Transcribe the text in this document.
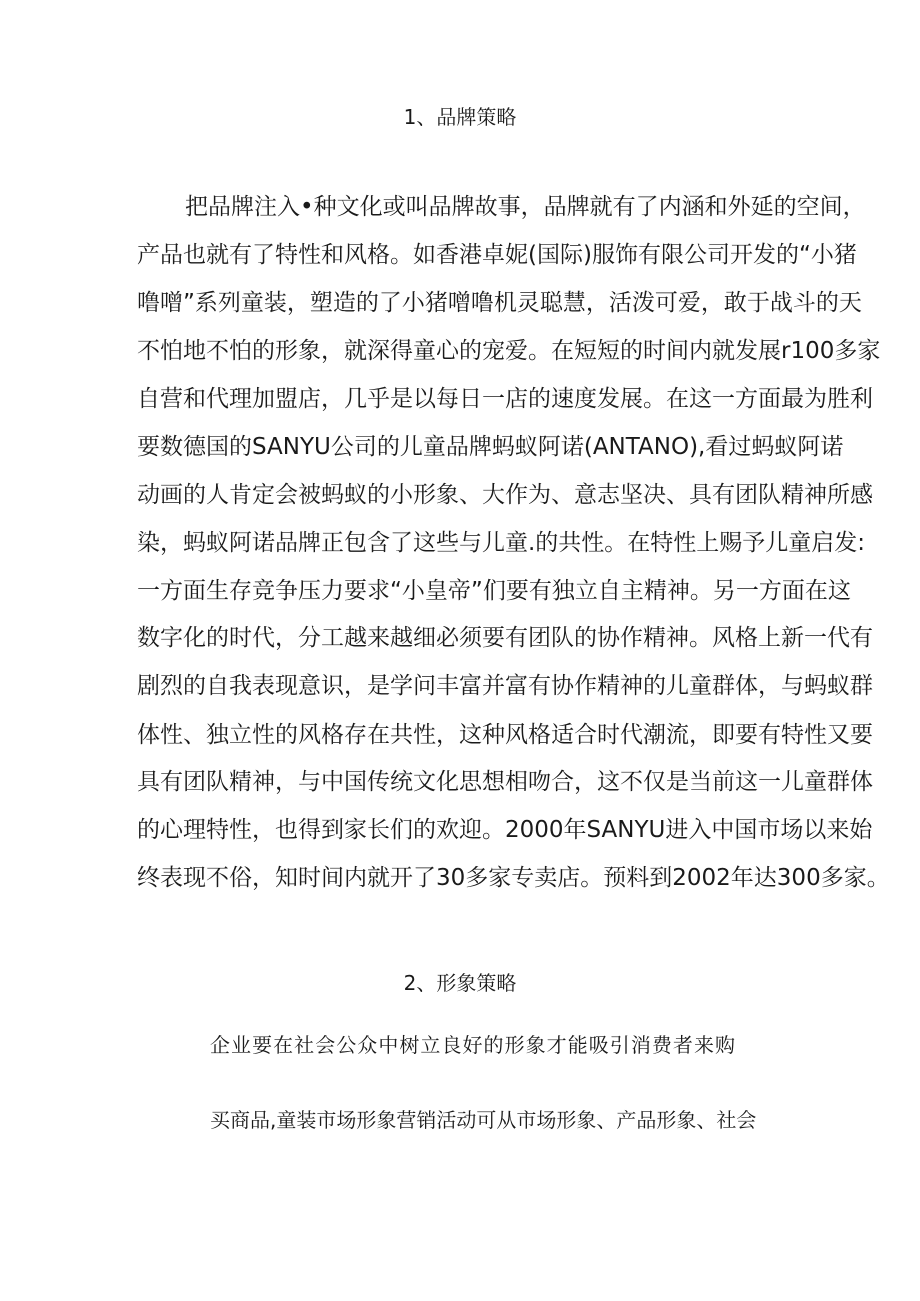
1、品牌策略
把品牌注入•种文化或叫品牌故事，品牌就有了内涵和外延的空间，
产品也就有了特性和风格。如香港卓妮(国际)服饰有限公司开发的“小猪
噜噌”系列童装，塑造的了小猪噌噜机灵聪慧，活泼可爱，敢于战斗的天
不怕地不怕的形象，就深得童心的宠爱。在短短的时间内就发展r100多家
自营和代理加盟店，几乎是以每日一店的速度发展。在这一方面最为胜利
要数德国的SANYU公司的儿童品牌蚂蚁阿诺(ANTANO),看过蚂蚁阿诺
动画的人肯定会被蚂蚁的小形象、大作为、意志坚决、具有团队精神所感
染，蚂蚁阿诺品牌正包含了这些与儿童.的共性。在特性上赐予儿童启发:
一方面生存竞争压力要求“小皇帝”们要有独立自主精神。另一方面在这
数字化的时代，分工越来越细必须要有团队的协作精神。风格上新一代有
剧烈的自我表现意识，是学问丰富并富有协作精神的儿童群体，与蚂蚁群
体性、独立性的风格存在共性，这种风格适合时代潮流，即要有特性又要
具有团队精神，与中国传统文化思想相吻合，这不仅是当前这一儿童群体
的心理特性，也得到家长们的欢迎。2000年SANYU进入中国市场以来始
终表现不俗，知时间内就开了30多家专卖店。预料到2002年达300多家。
2、形象策略
企业要在社会公众中树立良好的形象才能吸引消费者来购
买商品,童装市场形象营销活动可从市场形象、产品形象、社会
